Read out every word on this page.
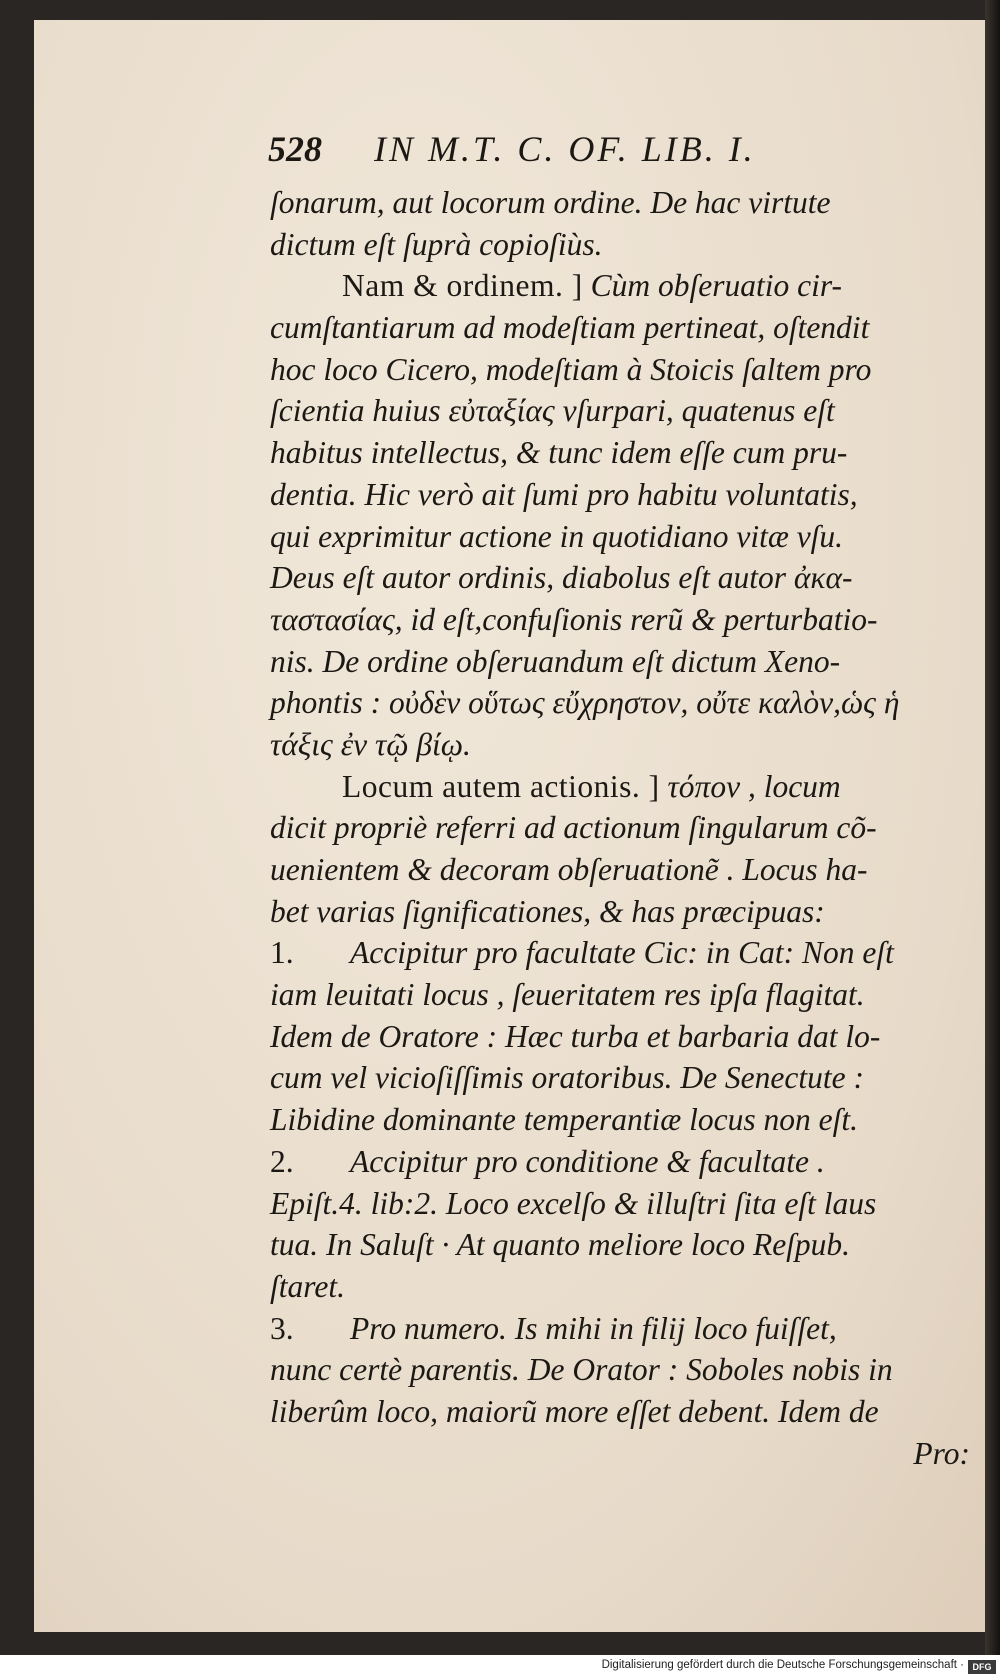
528 IN M.T. C. OF. LIB. I.
ſonarum, aut locorum ordine. De hac virtute
dictum eſt ſuprà copioſiùs.
Nam & ordinem. ] Cùm obſeruatio cir-
cumſtantiarum ad modeſtiam pertineat, oſtendit
hoc loco Cicero, modeſtiam à Stoicis ſaltem pro
ſcientia huius εὐταξίας vſurpari, quatenus eſt
habitus intellectus, & tunc idem eſſe cum pru-
dentia. Hic verò ait ſumi pro habitu voluntatis,
qui exprimitur actione in quotidiano vitæ vſu.
Deus eſt autor ordinis, diabolus eſt autor ἀκα-
ταστασίας, id eſt,confuſionis rerũ & perturbatio-
nis. De ordine obſeruandum eſt dictum Xeno-
phontis : οὐδὲν οὕτως εὔχρηστον, οὔτε καλὸν,ὡς ἡ
τάξις ἐν τῷ βίῳ.
Locum autem actionis. ] τόπον , locum
dicit propriè referri ad actionum ſingularum cõ-
uenientem & decoram obſeruationẽ . Locus ha-
bet varias ſignificationes, & has præcipuas:
1. Accipitur pro facultate Cic: in Cat: Non eſt
iam leuitati locus , ſeueritatem res ipſa flagitat.
Idem de Oratore : Hæc turba et barbaria dat lo-
cum vel vicioſiſſimis oratoribus. De Senectute :
Libidine dominante temperantiæ locus non eſt.
2. Accipitur pro conditione & facultate .
Epiſt.4. lib:2. Loco excelſo & illuſtri ſita eſt laus
tua. In Saluſt · At quanto meliore loco Reſpub.
ſtaret.
3. Pro numero. Is mihi in filij loco fuiſſet,
nunc certè parentis. De Orator : Soboles nobis in
liberûm loco, maiorũ more eſſet debent. Idem de
Pro:
Digitalisierung gefördert durch die Deutsche Forschungsgemeinschaft · DFG
